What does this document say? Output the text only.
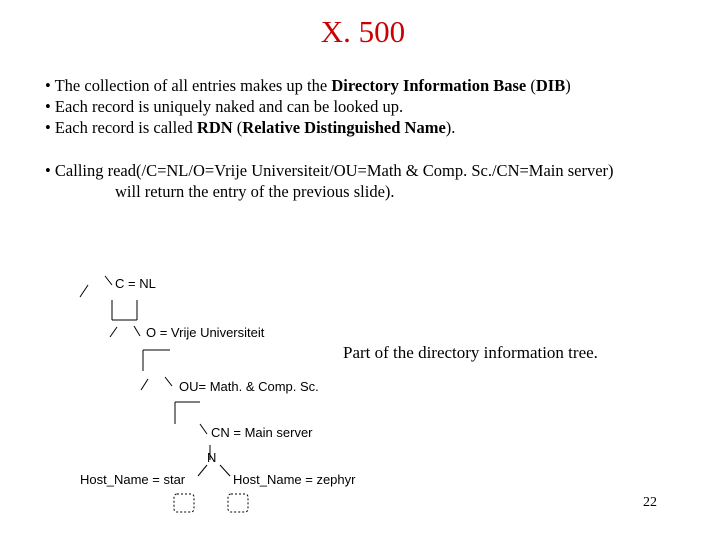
X. 500
• The collection of all entries makes up the Directory Information Base (DIB)
• Each record is uniquely naked and can be looked up.
• Each record is called RDN (Relative Distinguished Name).
• Calling read(/C=NL/O=Vrije Universiteit/OU=Math & Comp. Sc./CN=Main server)
will return the entry of the previous slide).
C = NL
O = Vrije Universiteit
OU= Math. & Comp. Sc.
CN = Main server
N
Host_Name = star	Host_Name = zephyr
Part of the directory information tree.
22
